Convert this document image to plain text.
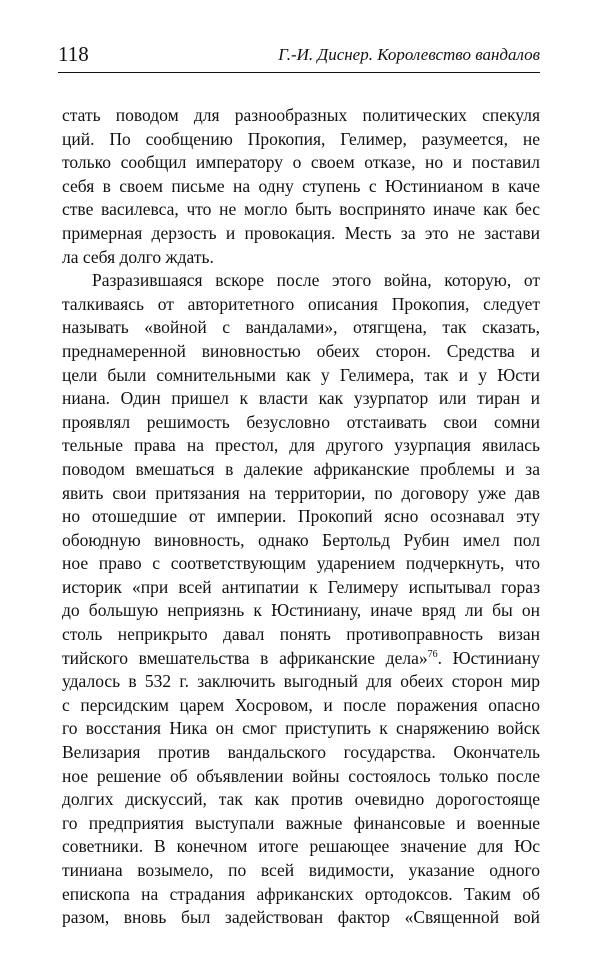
118	Г.-И. Диснер. Королевство вандалов
стать поводом для разнообразных политических спекуля
ций. По сообщению Прокопия, Гелимер, разумеется, не
только сообщил императору о своем отказе, но и поставил
себя в своем письме на одну ступень с Юстинианом в каче
стве василевса, что не могло быть воспринято иначе как бес
примерная дерзость и провокация. Месть за это не застави
ла себя долго ждать.
Разразившаяся вскоре после этого война, которую, от
талкиваясь от авторитетного описания Прокопия, следует
называть «войной с вандалами», отягщена, так сказать,
преднамеренной виновностью обеих сторон. Средства и
цели были сомнительными как у Гелимера, так и у Юсти
ниана. Один пришел к власти как узурпатор или тиран и
проявлял решимость безусловно отстаивать свои сомни
тельные права на престол, для другого узурпация явилась
поводом вмешаться в далекие африканские проблемы и за
явить свои притязания на территории, по договору уже дав
но отошедшие от империи. Прокопий ясно осознавал эту
обоюдную виновность, однако Бертольд Рубин имел пол
ное право с соответствующим ударением подчеркнуть, что
историк «при всей антипатии к Гелимеру испытывал гораз
до большую неприязнь к Юстиниану, иначе вряд ли бы он
столь неприкрыто давал понять противоправность визан
тийского вмешательства в африканские дела»$^{76}$. Юстиниану
удалось в 532 г. заключить выгодный для обеих сторон мир
с персидским царем Хосровом, и после поражения опасно
го восстания Ника он смог приступить к снаряжению войск
Велизария против вандальского государства. Окончатель
ное решение об объявлении войны состоялось только после
долгих дискуссий, так как против очевидно дорогостояще
го предприятия выступали важные финансовые и военные
советники. В конечном итоге решающее значение для Юс
тиниана возымело, по всей видимости, указание одного
епископа на страдания африканских ортодоксов. Таким об
разом, вновь был задействован фактор «Священной вой
